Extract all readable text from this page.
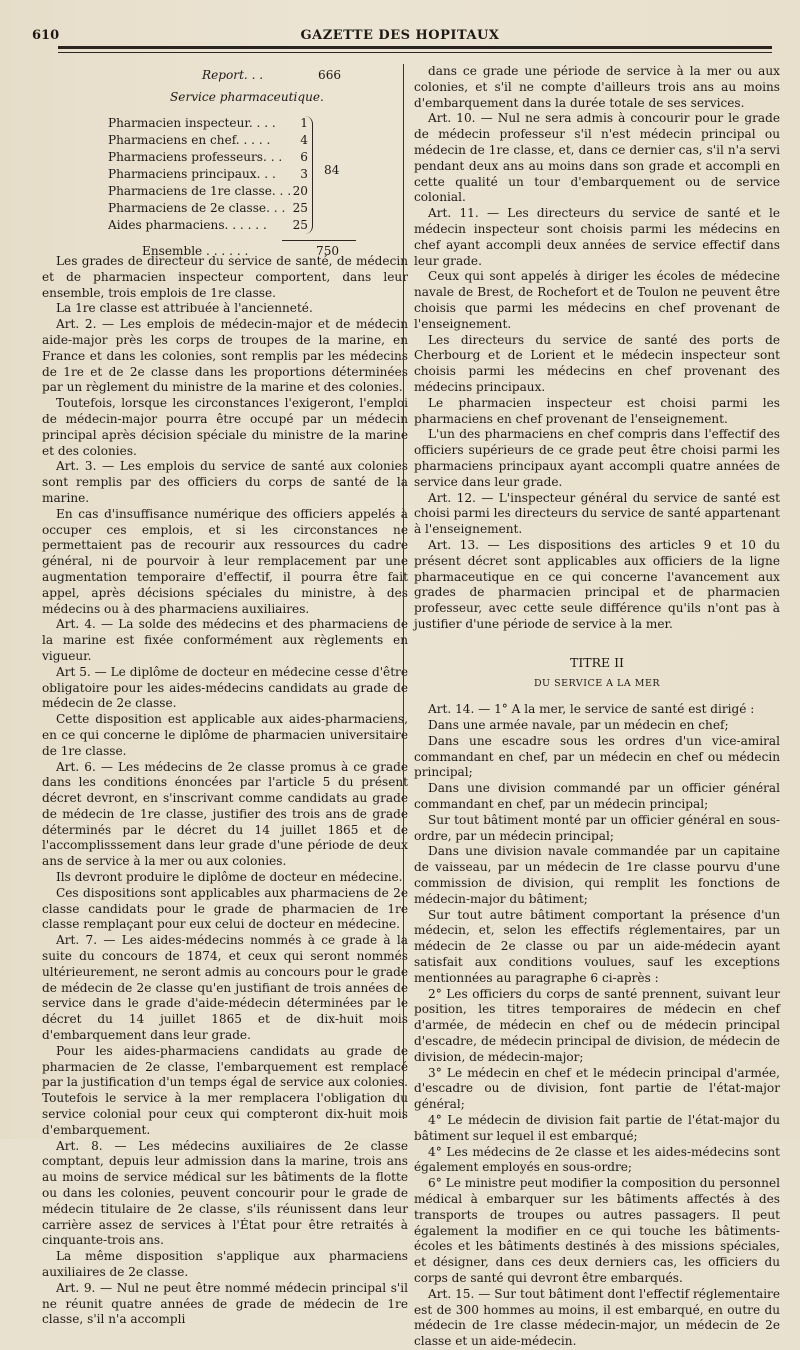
610	GAZETTE DES HOPITAUX
Report. . .	666
Service pharmaceutique.
Pharmacien inspecteur. . . .	1
Pharmaciens en chef. . . . .	4
Pharmaciens professeurs. . .	6
Pharmaciens principaux. . .	3
Pharmaciens de 1re classe. . . 20
Pharmaciens de 2e classe. . . 25
Aides pharmaciens. . . . . .	25
84
Ensemble . . . . . .	750

Les grades de directeur du service de santé, de médecin et de pharmacien inspecteur comportent, dans leur ensemble, trois emplois de 1re classe.

La 1re classe est attribuée à l'ancienneté.

Art. 2. — Les emplois de médecin-major et de médecin aide-major près les corps de troupes de la marine, en France et dans les colonies, sont remplis par les médecins de 1re et de 2e classe dans les proportions déterminées par un règlement du ministre de la marine et des colonies.

Toutefois, lorsque les circonstances l'exigeront, l'emploi de médecin-major pourra être occupé par un médecin principal après décision spéciale du ministre de la marine et des colonies.

Art. 3. — Les emplois du service de santé aux colonies sont remplis par des officiers du corps de santé de la marine.

En cas d'insuffisance numérique des officiers appelés à occuper ces emplois, et si les circonstances ne permettaient pas de recourir aux ressources du cadre général, ni de pourvoir à leur remplacement par une augmentation temporaire d'effectif, il pourra être fait appel, après décisions spéciales du ministre, à des médecins ou à des pharmaciens auxiliaires.

Art. 4. — La solde des médecins et des pharmaciens de la marine est fixée conformément aux règlements en vigueur.

Art 5. — Le diplôme de docteur en médecine cesse d'être obligatoire pour les aides-médecins candidats au grade de médecin de 2e classe.

Cette disposition est applicable aux aides-pharmaciens, en ce qui concerne le diplôme de pharmacien universitaire de 1re classe.

Art. 6. — Les médecins de 2e classe promus à ce grade dans les conditions énoncées par l'article 5 du présent décret devront, en s'inscrivant comme candidats au grade de médecin de 1re classe, justifier des trois ans de grade déterminés par le décret du 14 juillet 1865 et de l'accomplisssement dans leur grade d'une période de deux ans de service à la mer ou aux colonies.

Ils devront produire le diplôme de docteur en médecine.

Ces dispositions sont applicables aux pharmaciens de 2e classe candidats pour le grade de pharmacien de 1re classe remplaçant pour eux celui de docteur en médecine.

Art. 7. — Les aides-médecins nommés à ce grade à la suite du concours de 1874, et ceux qui seront nommés ultérieurement, ne seront admis au concours pour le grade de médecin de 2e classe qu'en justifiant de trois années de service dans le grade d'aide-médecin déterminées par le décret du 14 juillet 1865 et de dix-huit mois d'embarquement dans leur grade.

Pour les aides-pharmaciens candidats au grade de pharmacien de 2e classe, l'embarquement est remplacé par la justification d'un temps égal de service aux colonies. Toutefois le service à la mer remplacera l'obligation du service colonial pour ceux qui compteront dix-huit mois d'embarquement.

Art. 8. — Les médecins auxiliaires de 2e classe comptant, depuis leur admission dans la marine, trois ans au moins de service médical sur les bâtiments de la flotte ou dans les colonies, peuvent concourir pour le grade de médecin titulaire de 2e classe, s'ils réunissent dans leur carrière assez de services à l'État pour être retraités à cinquante-trois ans.

La même disposition s'applique aux pharmaciens auxiliaires de 2e classe.

Art. 9. — Nul ne peut être nommé médecin principal s'il ne réunit quatre années de grade de médecin de 1re classe, s'il n'a accompli

dans ce grade une période de service à la mer ou aux colonies, et s'il ne compte d'ailleurs trois ans au moins d'embarquement dans la durée totale de ses services.

Art. 10. — Nul ne sera admis à concourir pour le grade de médecin professeur s'il n'est médecin principal ou médecin de 1re classe, et, dans ce dernier cas, s'il n'a servi pendant deux ans au moins dans son grade et accompli en cette qualité un tour d'embarquement ou de service colonial.

Art. 11. — Les directeurs du service de santé et le médecin inspecteur sont choisis parmi les médecins en chef ayant accompli deux années de service effectif dans leur grade.

Ceux qui sont appelés à diriger les écoles de médecine navale de Brest, de Rochefort et de Toulon ne peuvent être choisis que parmi les médecins en chef provenant de l'enseignement.

Les directeurs du service de santé des ports de Cherbourg et de Lorient et le médecin inspecteur sont choisis parmi les médecins en chef provenant des médecins principaux.

Le pharmacien inspecteur est choisi parmi les pharmaciens en chef provenant de l'enseignement.

L'un des pharmaciens en chef compris dans l'effectif des officiers supérieurs de ce grade peut être choisi parmi les pharmaciens principaux ayant accompli quatre années de service dans leur grade.

Art. 12. — L'inspecteur général du service de santé est choisi parmi les directeurs du service de santé appartenant à l'enseignement.

Art. 13. — Les dispositions des articles 9 et 10 du présent décret sont applicables aux officiers de la ligne pharmaceutique en ce qui concerne l'avancement aux grades de pharmacien principal et de pharmacien professeur, avec cette seule différence qu'ils n'ont pas à justifier d'une période de service à la mer.

TITRE II

DU SERVICE A LA MER

Art. 14. — 1° A la mer, le service de santé est dirigé :

Dans une armée navale, par un médecin en chef;

Dans une escadre sous les ordres d'un vice-amiral commandant en chef, par un médecin en chef ou médecin principal;

Dans une division commandé par un officier général commandant en chef, par un médecin principal;

Sur tout bâtiment monté par un officier général en sous-ordre, par un médecin principal;

Dans une division navale commandée par un capitaine de vaisseau, par un médecin de 1re classe pourvu d'une commission de division, qui remplit les fonctions de médecin-major du bâtiment;

Sur tout autre bâtiment comportant la présence d'un médecin, et, selon les effectifs réglementaires, par un médecin de 2e classe ou par un aide-médecin ayant satisfait aux conditions voulues, sauf les exceptions mentionnées au paragraphe 6 ci-après :

2° Les officiers du corps de santé prennent, suivant leur position, les titres temporaires de médecin en chef d'armée, de médecin en chef ou de médecin principal d'escadre, de médecin principal de division, de médecin de division, de médecin-major;

3° Le médecin en chef et le médecin principal d'armée, d'escadre ou de division, font partie de l'état-major général;

4° Le médecin de division fait partie de l'état-major du bâtiment sur lequel il est embarqué;

4° Les médecins de 2e classe et les aides-médecins sont également employés en sous-ordre;

6° Le ministre peut modifier la composition du personnel médical à embarquer sur les bâtiments affectés à des transports de troupes ou autres passagers. Il peut également la modifier en ce qui touche les bâtiments-écoles et les bâtiments destinés à des missions spéciales, et désigner, dans ces deux derniers cas, les officiers du corps de santé qui devront être embarqués.

Art. 15. — Sur tout bâtiment dont l'effectif réglementaire est de 300 hommes au moins, il est embarqué, en outre du médecin de 1re classe médecin-major, un médecin de 2e classe et un aide-médecin.
